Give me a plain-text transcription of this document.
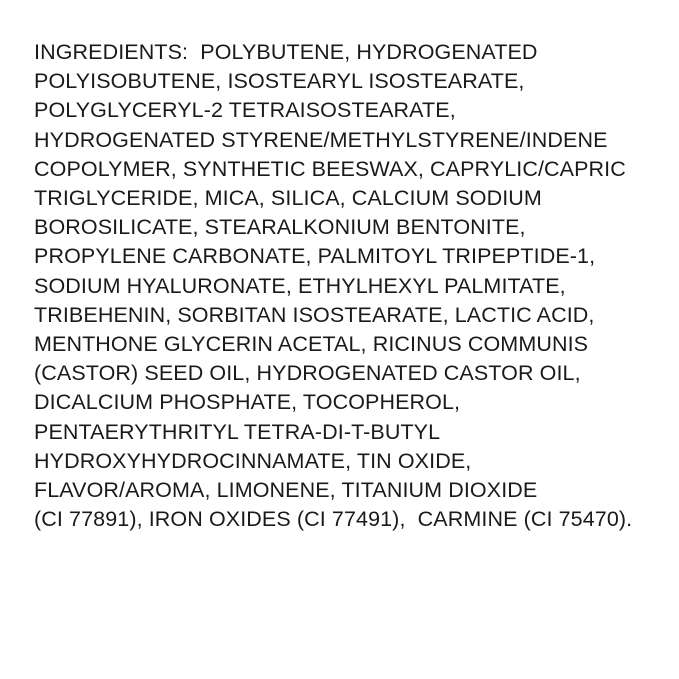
INGREDIENTS:  POLYBUTENE, HYDROGENATED
POLYISOBUTENE, ISOSTEARYL ISOSTEARATE,
POLYGLYCERYL-2 TETRAISOSTEARATE,
HYDROGENATED STYRENE/METHYLSTYRENE/INDENE
COPOLYMER, SYNTHETIC BEESWAX, CAPRYLIC/CAPRIC
TRIGLYCERIDE, MICA, SILICA, CALCIUM SODIUM
BOROSILICATE, STEARALKONIUM BENTONITE,
PROPYLENE CARBONATE, PALMITOYL TRIPEPTIDE-1,
SODIUM HYALURONATE, ETHYLHEXYL PALMITATE,
TRIBEHENIN, SORBITAN ISOSTEARATE, LACTIC ACID,
MENTHONE GLYCERIN ACETAL, RICINUS COMMUNIS
(CASTOR) SEED OIL, HYDROGENATED CASTOR OIL,
DICALCIUM PHOSPHATE, TOCOPHEROL,
PENTAERYTHRITYL TETRA-DI-T-BUTYL
HYDROXYHYDROCINNAMATE, TIN OXIDE,
FLAVOR/AROMA, LIMONENE, TITANIUM DIOXIDE
(CI 77891), IRON OXIDES (CI 77491),  CARMINE (CI 75470).
